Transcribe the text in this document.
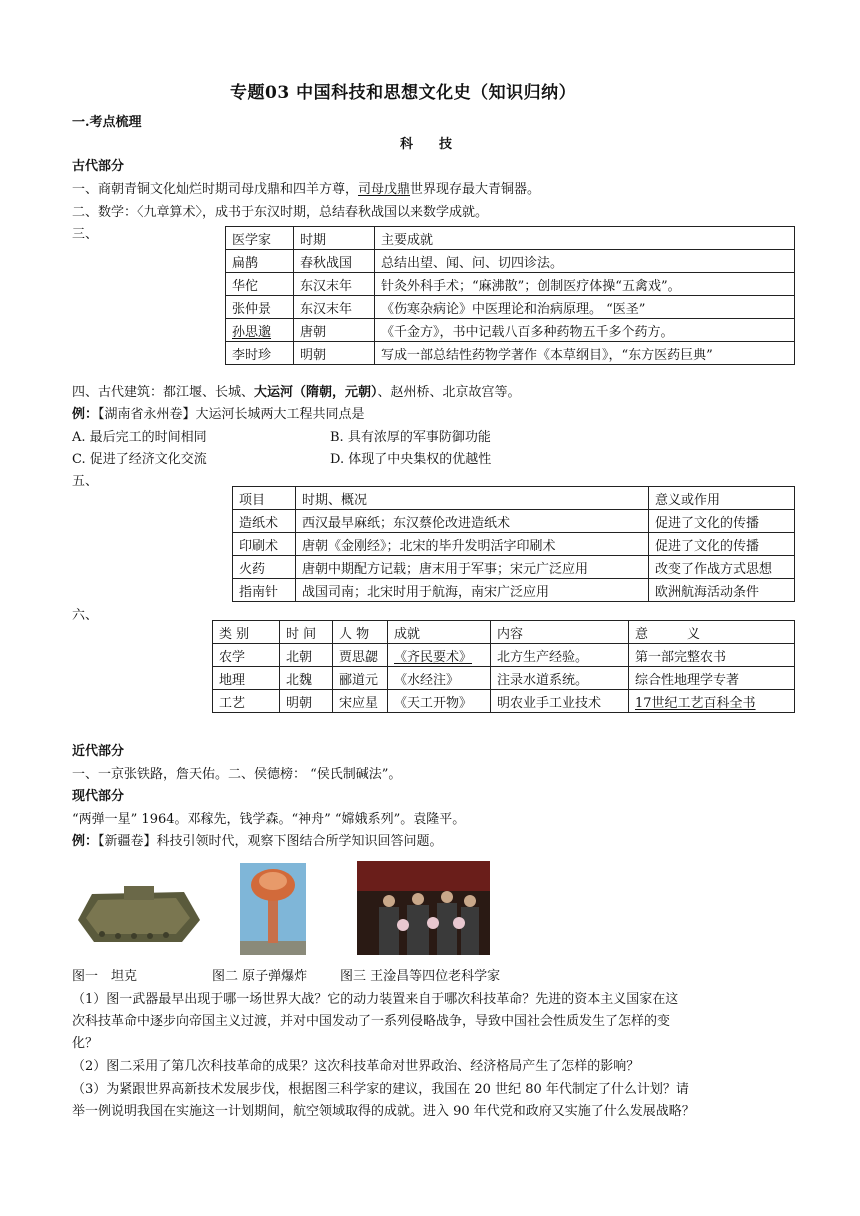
专题03 中国科技和思想文化史（知识归纳）
一.考点梳理
科　　技
古代部分
一、商朝青铜文化灿烂时期司母戊鼎和四羊方尊，司母戊鼎世界现存最大青铜器。
二、数学：〈九章算术〉，成书于东汉时期，总结春秋战国以来数学成就。
三、	医学家	时期	主要成就
扁鹊	春秋战国	总结出望、闻、问、切四诊法。
华佗	东汉末年	针灸外科手术；“麻沸散”；创制医疗体操“五禽戏”。
张仲景	东汉末年	《伤寒杂病论》中医理论和治病原理。 “医圣”
孙思邈	唐朝	《千金方》，书中记载八百多种药物五千多个药方。
李时珍	明朝	写成一部总结性药物学著作《本草纲目》，“东方医药巨典”
四、古代建筑：都江堰、长城、大运河（隋朝，元朝）、赵州桥、北京故宫等。
例：【湖南省永州卷】大运河长城两大工程共同点是
A. 最后完工的时间相同	B. 具有浓厚的军事防御功能
C. 促进了经济文化交流	D. 体现了中央集权的优越性
五、
项目	时期、概况	意义或作用
造纸术	西汉最早麻纸；东汉蔡伦改进造纸术	促进了文化的传播
印刷术	唐朝《金刚经》；北宋的毕升发明活字印刷术	促进了文化的传播
火药	唐朝中期配方记载；唐末用于军事；宋元广泛应用	改变了作战方式思想
指南针	战国司南；北宋时用于航海，南宋广泛应用	欧洲航海活动条件
六、
类 别	时 间	人 物	成就	内容	意　　　义
农学	北朝	贾思勰	《齐民要术》	北方生产经验。	第一部完整农书
地理	北魏	郦道元	《水经注》	注录水道系统。	综合性地理学专著
工艺	明朝	宋应星	《天工开物》	明农业手工业技术	17世纪工艺百科全书
近代部分
一、一京张铁路，詹天佑。二、侯德榜： “侯氏制碱法”。
现代部分
“两弹一星” 1964。邓稼先，钱学森。“神舟” “嫦娥系列”。袁隆平。
例：【新疆卷】科技引领时代，观察下图结合所学知识回答问题。
图一　坦克	图二 原子弹爆炸	图三 王淦昌等四位老科学家
（1）图一武器最早出现于哪一场世界大战？它的动力装置来自于哪次科技革命？先进的资本主义国家在这
次科技革命中逐步向帝国主义过渡，并对中国发动了一系列侵略战争，导致中国社会性质发生了怎样的变
化？
（2）图二采用了第几次科技革命的成果？这次科技革命对世界政治、经济格局产生了怎样的影响？
（3）为紧跟世界高新技术发展步伐，根据图三科学家的建议，我国在 20 世纪 80 年代制定了什么计划？请
举一例说明我国在实施这一计划期间，航空领域取得的成就。进入 90 年代党和政府又实施了什么发展战略？
